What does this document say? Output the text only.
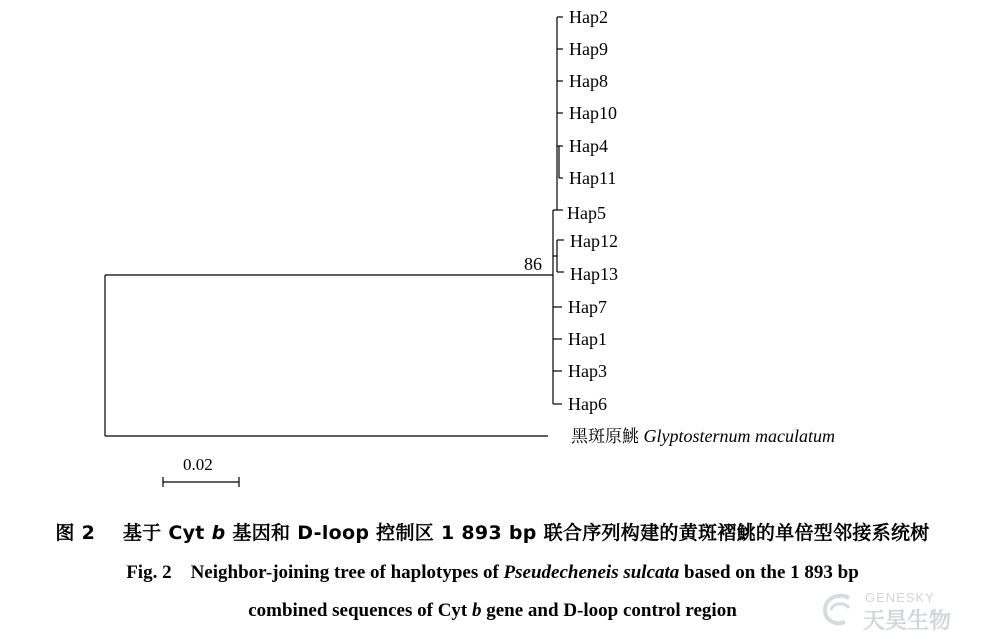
Hap2
Hap9
Hap8
Hap10
Hap4
Hap11
Hap5
Hap12
Hap13
Hap7
Hap1
Hap3
Hap6
黑斑原鮡 Glyptosternum maculatum
86
0.02
图 2 基于 Cyt b 基因和 D-loop 控制区 1 893 bp 联合序列构建的黄斑褶鮡的单倍型邻接系统树
Fig. 2 Neighbor-joining tree of haplotypes of Pseudecheneis sulcata based on the 1 893 bp
combined sequences of Cyt b gene and D-loop control region
GENESKY
天昊生物
